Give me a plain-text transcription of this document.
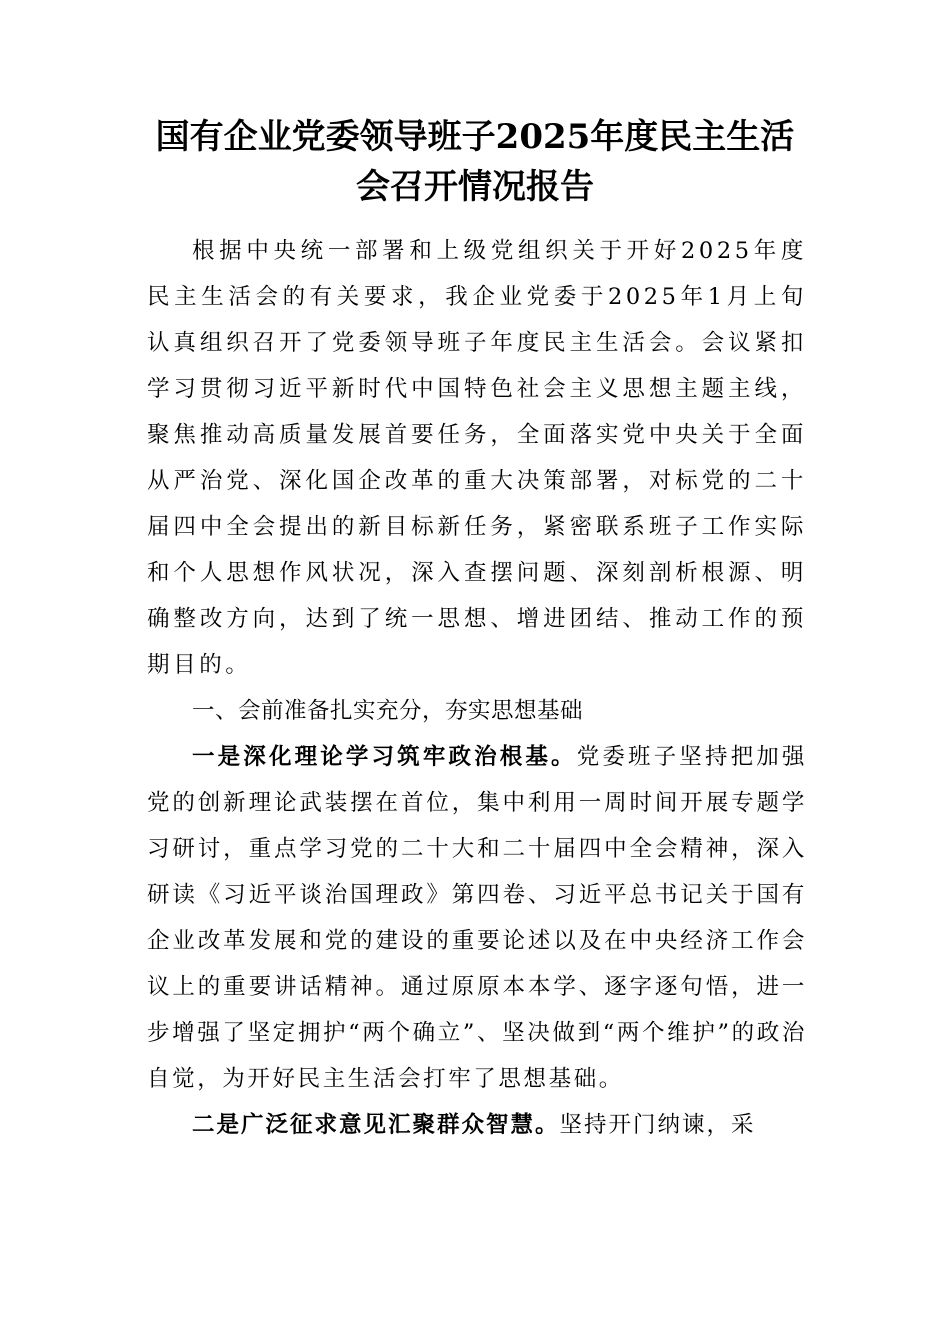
国有企业党委领导班子2025年度民主生活
会召开情况报告

根据中央统一部署和上级党组织关于开好2025年度民主生活会的有关要求，我企业党委于2025年1月上旬认真组织召开了党委领导班子年度民主生活会。会议紧扣学习贯彻习近平新时代中国特色社会主义思想主题主线，聚焦推动高质量发展首要任务，全面落实党中央关于全面从严治党、深化国企改革的重大决策部署，对标党的二十届四中全会提出的新目标新任务，紧密联系班子工作实际和个人思想作风状况，深入查摆问题、深刻剖析根源、明确整改方向，达到了统一思想、增进团结、推动工作的预期目的。

一、会前准备扎实充分，夯实思想基础

一是深化理论学习筑牢政治根基。党委班子坚持把加强党的创新理论武装摆在首位，集中利用一周时间开展专题学习研讨，重点学习党的二十大和二十届四中全会精神，深入研读《习近平谈治国理政》第四卷、习近平总书记关于国有企业改革发展和党的建设的重要论述以及在中央经济工作会议上的重要讲话精神。通过原原本本学、逐字逐句悟，进一步增强了坚定拥护“两个确立”、坚决做到“两个维护”的政治自觉，为开好民主生活会打牢了思想基础。

二是广泛征求意见汇聚群众智慧。坚持开门纳谏，采
